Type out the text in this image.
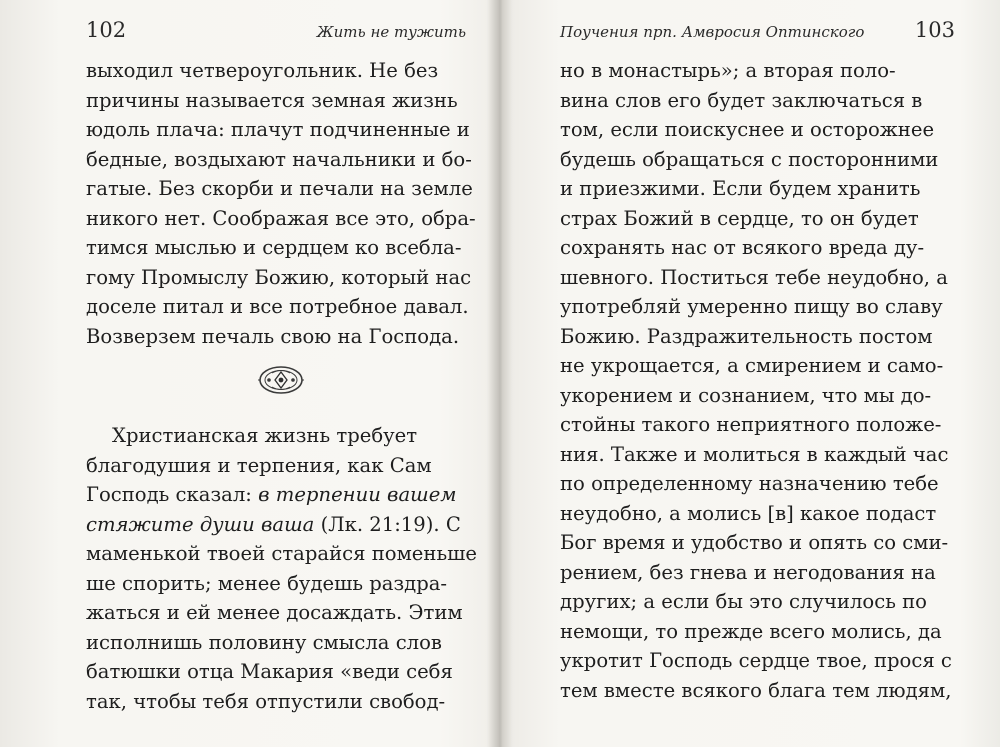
102	Жить не тужить
выходил четвероугольник. Не без
причины называется земная жизнь
юдоль плача: плачут подчиненные и
бедные, воздыхают начальники и бо-
гатые. Без скорби и печали на земле
никого нет. Соображая все это, обра-
тимся мыслью и сердцем ко всебла-
гому Промыслу Божию, который нас
доселе питал и все потребное давал.
Возверзем печаль свою на Господа.
Христианская жизнь требует
благодушия и терпения, как Сам
Господь сказал: в терпении вашем
стяжите души ваша (Лк. 21:19). С
маменькой твоей старайся поменьше
ше спорить; менее будешь раздра-
жаться и ей менее досаждать. Этим
исполнишь половину смысла слов
батюшки отца Макария «веди себя
так, чтобы тебя отпустили свобод-
Поучения прп. Амвросия Оптинского 103
но в монастырь»; а вторая поло-
вина слов его будет заключаться в
том, если поискуснее и осторожнее
будешь обращаться с посторонними
и приезжими. Если будем хранить
страх Божий в сердце, то он будет
сохранять нас от всякого вреда ду-
шевного. Поститься тебе неудобно, а
употребляй умеренно пищу во славу
Божию. Раздражительность постом
не укрощается, а смирением и само-
укорением и сознанием, что мы до-
стойны такого неприятного положе-
ния. Также и молиться в каждый час
по определенному назначению тебе
неудобно, а молись [в] какое подаст
Бог время и удобство и опять со сми-
рением, без гнева и негодования на
других; а если бы это случилось по
немощи, то прежде всего молись, да
укротит Господь сердце твое, прося с
тем вместе всякого блага тем людям,
